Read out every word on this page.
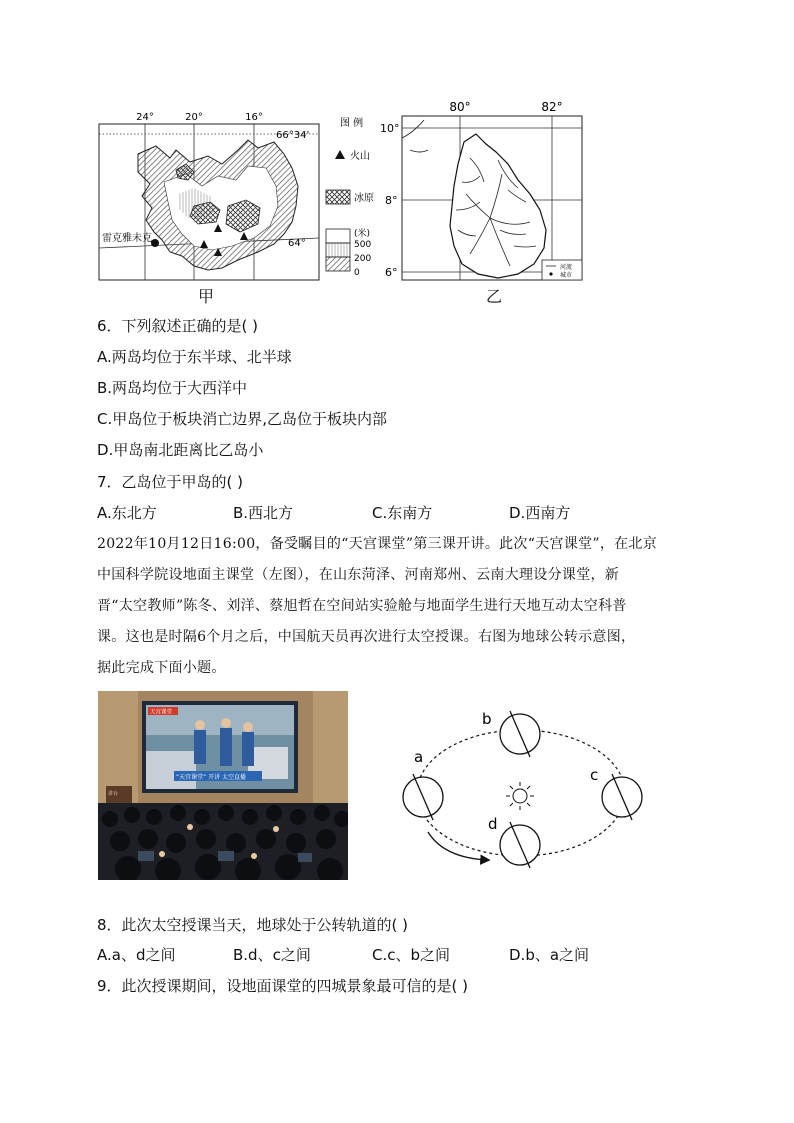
24°	20°	16°
66°34'
64°
雷克雅未克
甲
图 例
火山
冰原
(米)
500
200
0
河流
城市
80°	82°
10°
8°
6°
乙
6．下列叙述正确的是( )
A.两岛均位于东半球、北半球
B.两岛均位于大西洋中
C.甲岛位于板块消亡边界,乙岛位于板块内部
D.甲岛南北距离比乙岛小
7．乙岛位于甲岛的( )
A.东北方	B.西北方	C.东南方	D.西南方
2022年10月12日16:00，备受瞩目的“天宫课堂”第三课开讲。此次“天宫课堂”，在北京
中国科学院设地面主课堂（左图），在山东菏泽、河南郑州、云南大理设分课堂，新
晋“太空教师”陈冬、刘洋、蔡旭哲在空间站实验舱与地面学生进行天地互动太空科普
课。这也是时隔6个月之后，中国航天员再次进行太空授课。右图为地球公转示意图，
据此完成下面小题。
天宫课堂
“天宫课堂” 开讲 太空直播
讲台
a
b
c
d
8．此次太空授课当天，地球处于公转轨道的( )
A.a、d之间	B.d、c之间	C.c、b之间	D.b、a之间
9．此次授课期间，设地面课堂的四城景象最可信的是( )
